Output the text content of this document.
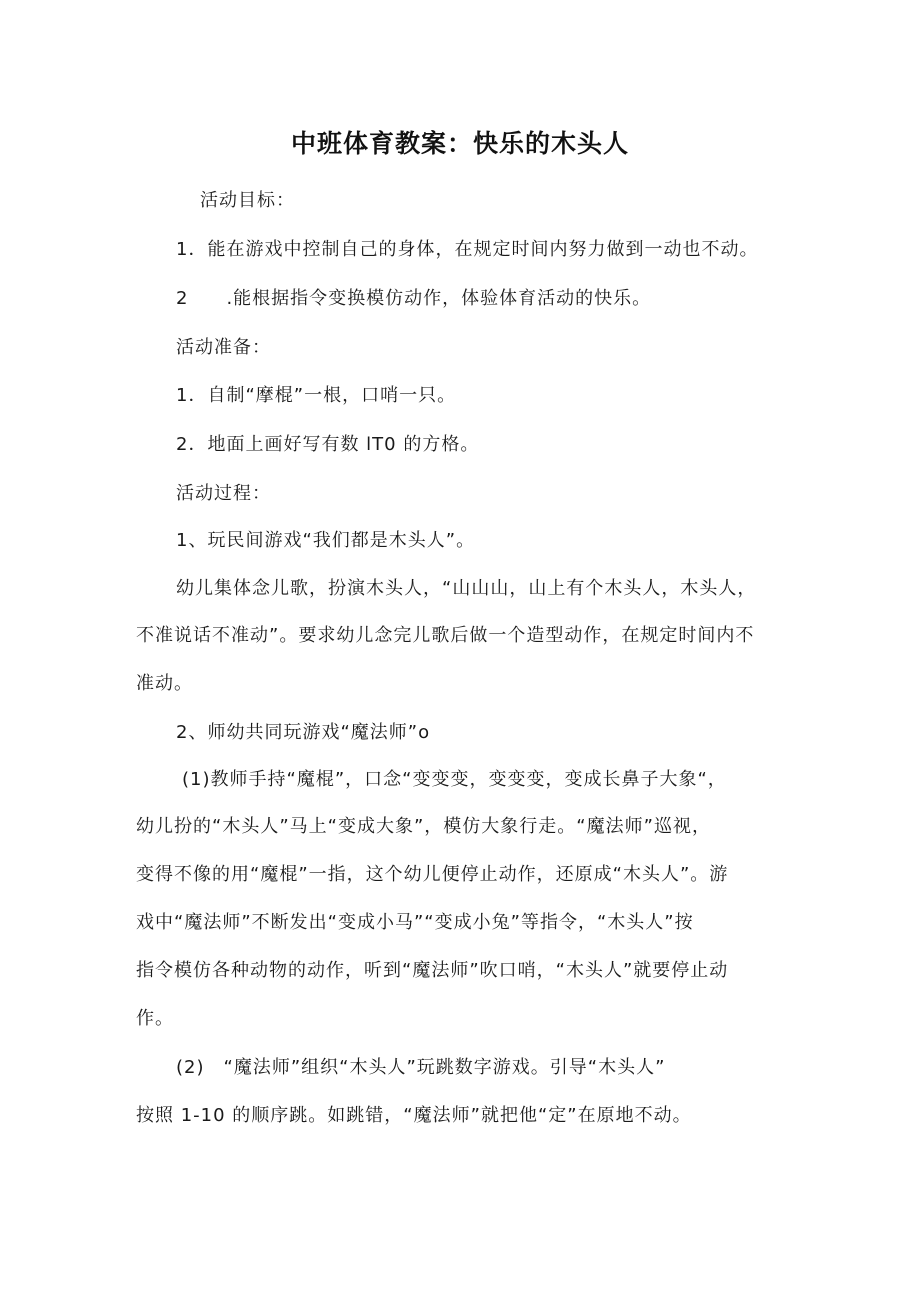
中班体育教案：快乐的木头人
活动目标：
1．能在游戏中控制自己的身体，在规定时间内努力做到一动也不动。
2　　.能根据指令变换模仿动作，体验体育活动的快乐。
活动准备：
1．自制“摩棍”一根，口哨一只。
2．地面上画好写有数 lT0 的方格。
活动过程：
1、玩民间游戏“我们都是木头人”。
幼儿集体念儿歌，扮演木头人，“山山山，山上有个木头人，木头人，
不准说话不准动”。要求幼儿念完儿歌后做一个造型动作，在规定时间内不
准动。
2、师幼共同玩游戏“魔法师”o
(1)教师手持“魔棍”，口念“变变变，变变变，变成长鼻子大象“，
幼儿扮的“木头人”马上“变成大象”，模仿大象行走。“魔法师”巡视，
变得不像的用“魔棍”一指，这个幼儿便停止动作，还原成“木头人”。游
戏中“魔法师”不断发出“变成小马”“变成小兔”等指令，“木头人”按
指令模仿各种动物的动作，听到“魔法师”吹口哨，“木头人”就要停止动
作。
(2)　“魔法师”组织“木头人”玩跳数字游戏。引导“木头人”
按照 1-10 的顺序跳。如跳错，“魔法师”就把他“定”在原地不动。
